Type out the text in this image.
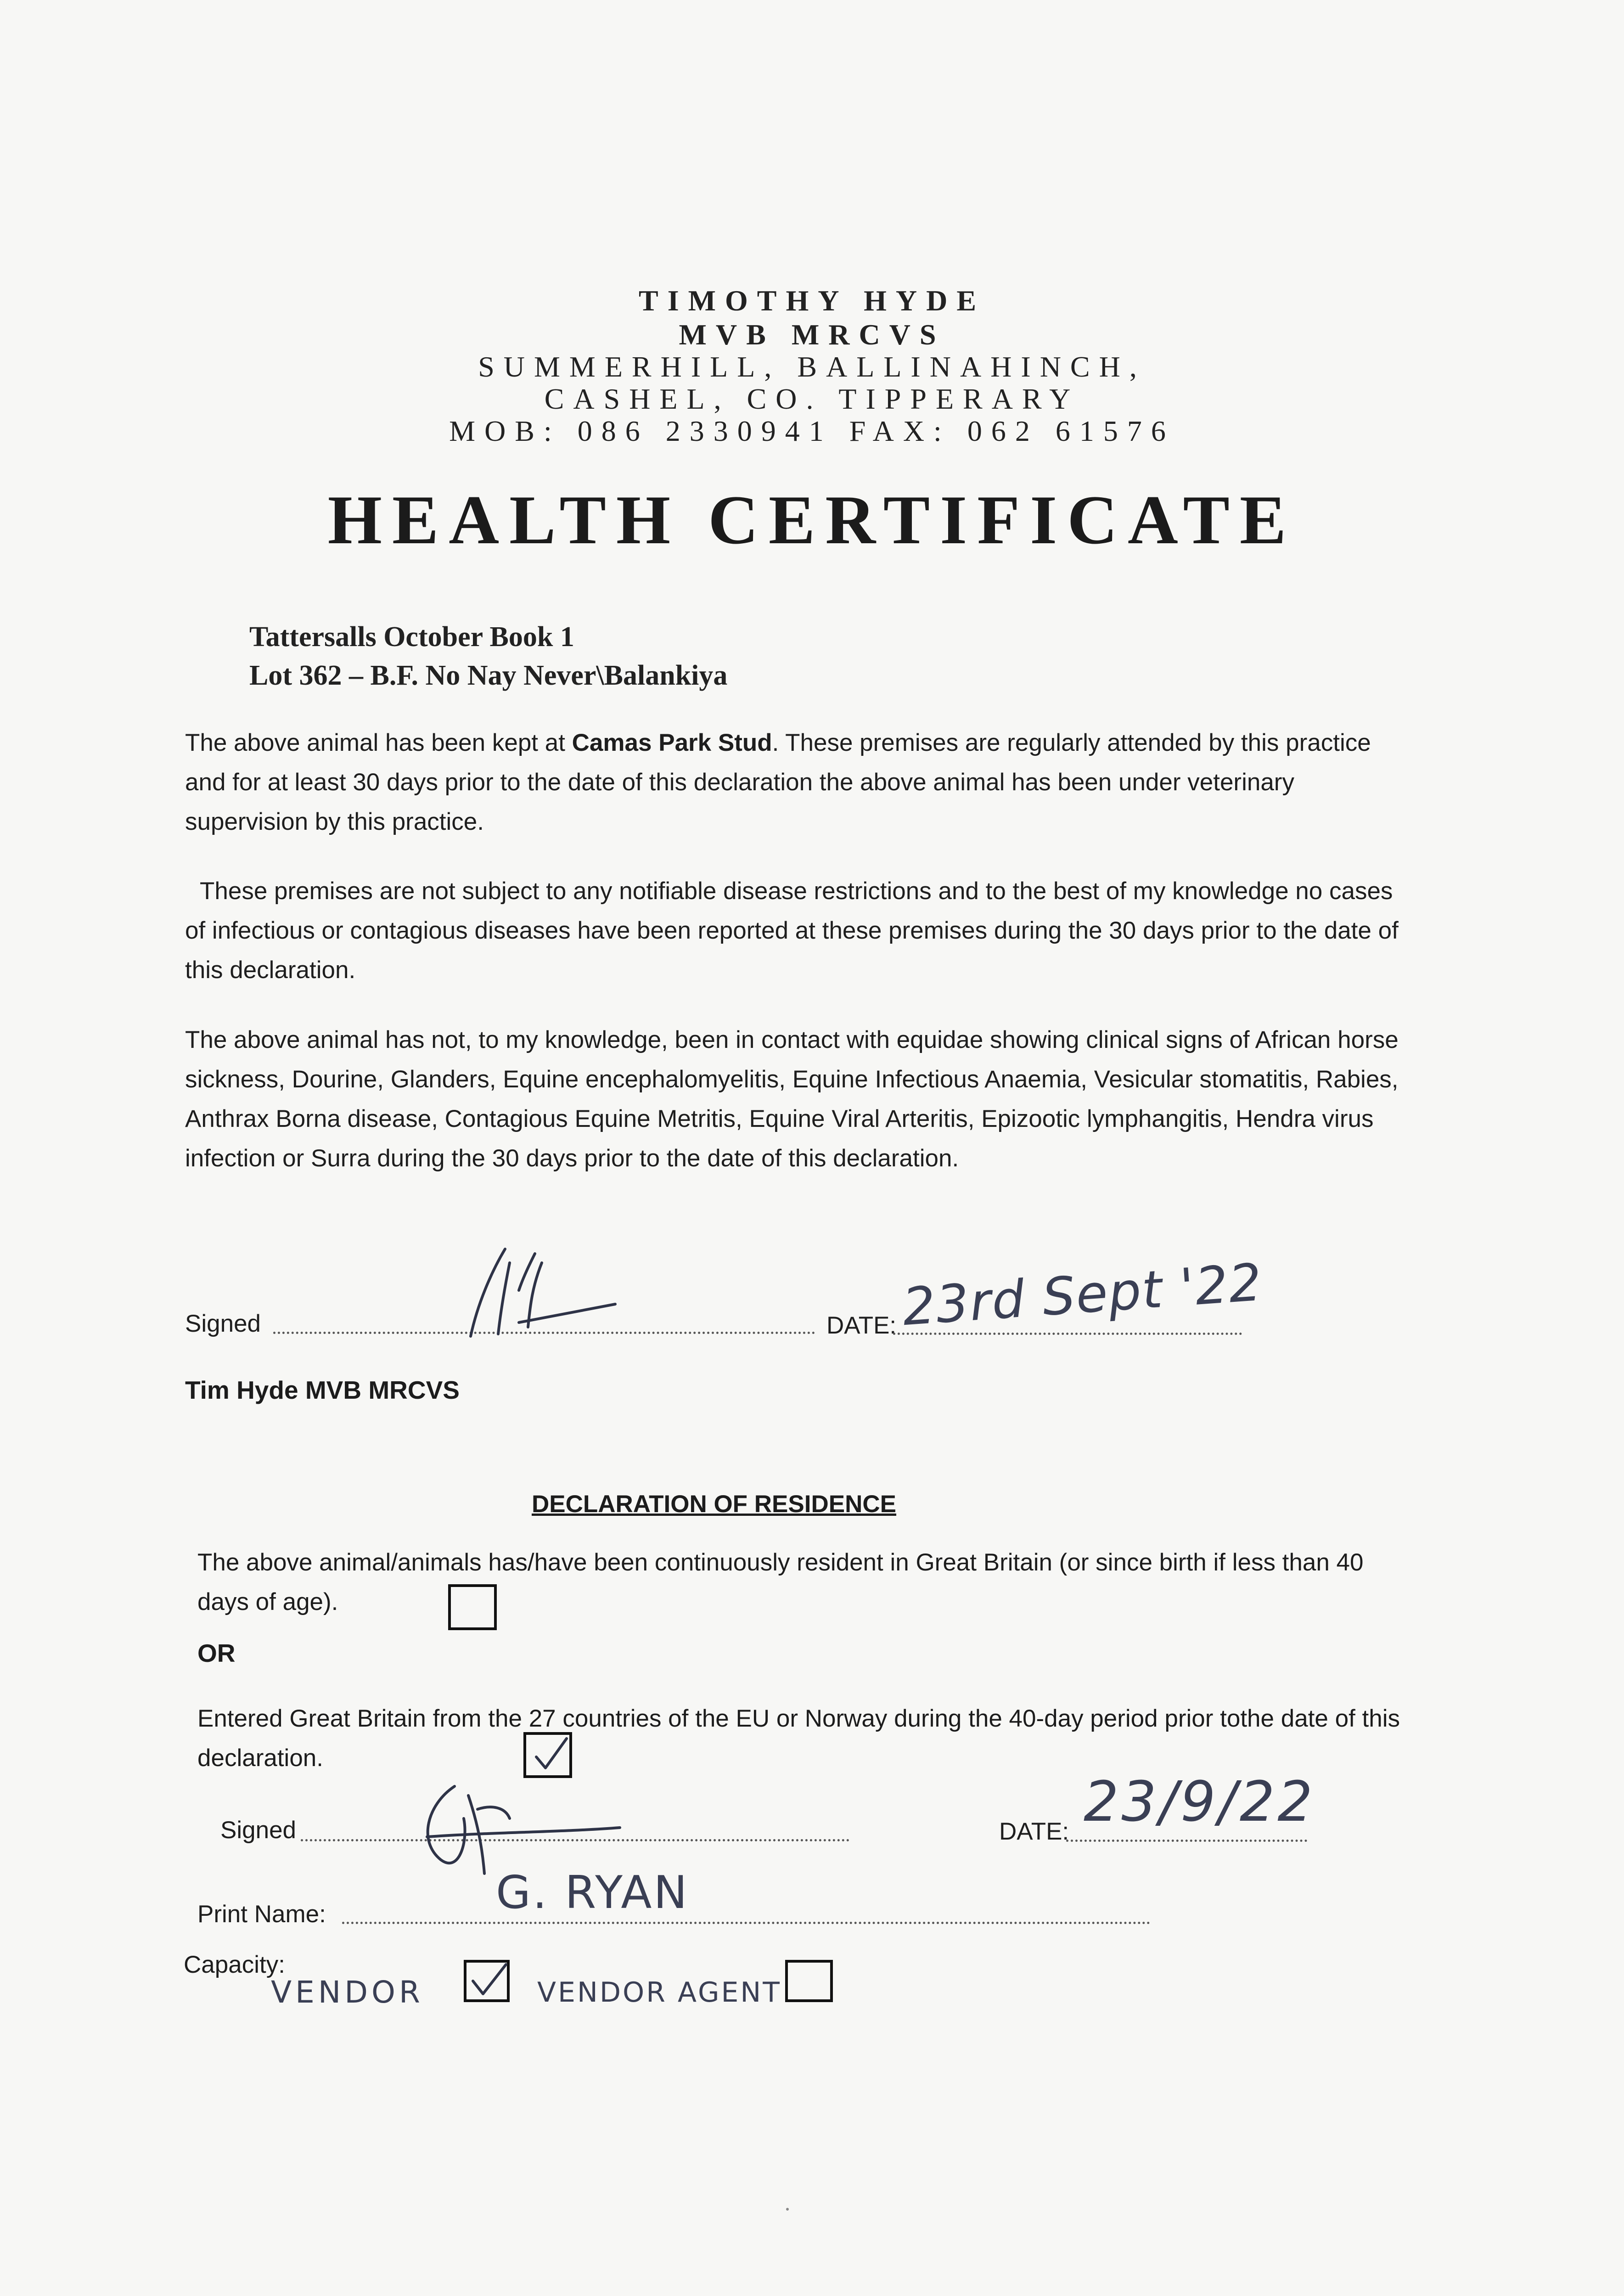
TIMOTHY HYDE
MVB MRCVS
SUMMERHILL, BALLINAHINCH,
CASHEL, CO. TIPPERARY
MOB: 086 2330941 FAX: 062 61576
HEALTH CERTIFICATE
Tattersalls October Book 1
Lot 362 – B.F. No Nay Never\Balankiya
The above animal has been kept at Camas Park Stud. These premises are regularly attended by this practice and for at least 30 days prior to the date of this declaration the above animal has been under veterinary supervision by this practice.
These premises are not subject to any notifiable disease restrictions and to the best of my knowledge no cases of infectious or contagious diseases have been reported at these premises during the 30 days prior to the date of this declaration.
The above animal has not, to my knowledge, been in contact with equidae showing clinical signs of African horse sickness, Dourine, Glanders, Equine encephalomyelitis, Equine Infectious Anaemia, Vesicular stomatitis, Rabies, Anthrax Borna disease, Contagious Equine Metritis, Equine Viral Arteritis, Epizootic lymphangitis, Hendra virus infection or Surra during the 30 days prior to the date of this declaration.
Signed	DATE: 23rd Sept '22
Tim Hyde MVB MRCVS
DECLARATION OF RESIDENCE
The above animal/animals has/have been continuously resident in Great Britain (or since birth if less than 40 days of age).
OR
Entered Great Britain from the 27 countries of the EU or Norway during the 40-day period prior tothe date of this declaration.
Signed	DATE: 23/9/22
Print Name:	G. RYAN
Capacity:
VENDOR	VENDOR AGENT
